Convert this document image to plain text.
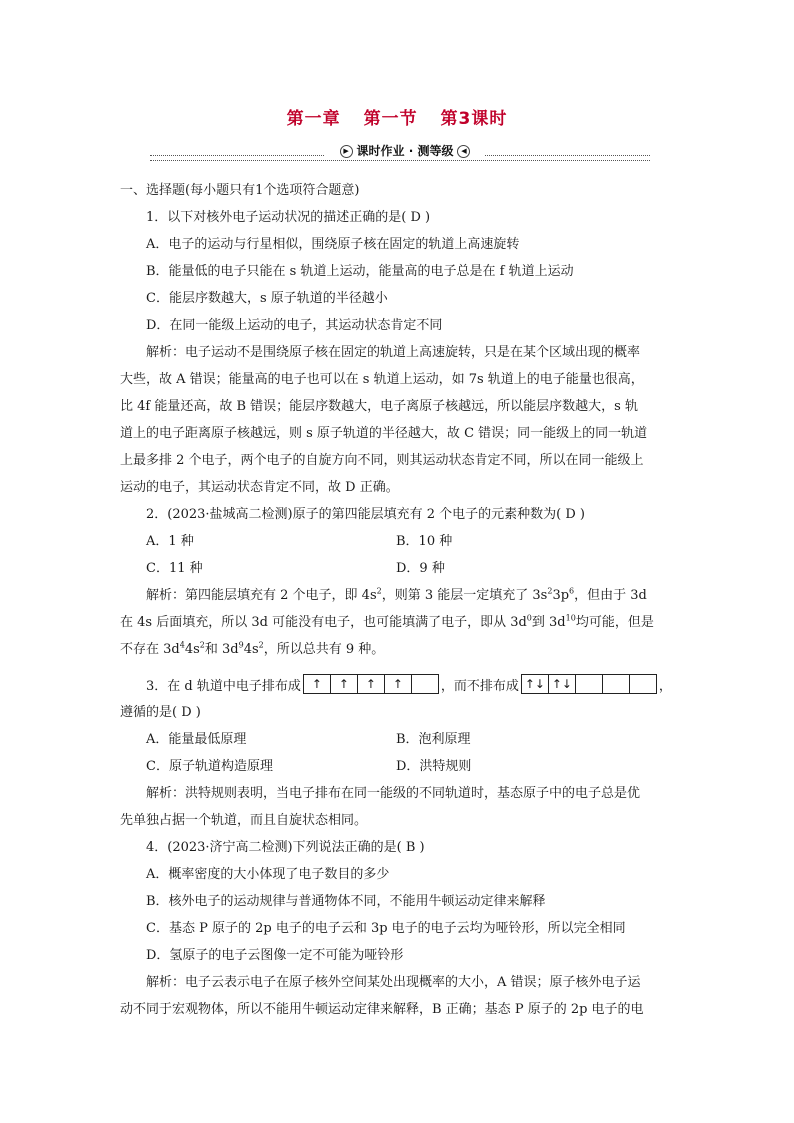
第一章 第一节 第3课时
▶ 课时作业 · 测等级 ◀
一、选择题(每小题只有1个选项符合题意)
1．以下对核外电子运动状况的描述正确的是( D )
A．电子的运动与行星相似，围绕原子核在固定的轨道上高速旋转
B．能量低的电子只能在 s 轨道上运动，能量高的电子总是在 f 轨道上运动
C．能层序数越大，s 原子轨道的半径越小
D．在同一能级上运动的电子，其运动状态肯定不同
解析：电子运动不是围绕原子核在固定的轨道上高速旋转，只是在某个区域出现的概率
大些，故 A 错误；能量高的电子也可以在 s 轨道上运动，如 7s 轨道上的电子能量也很高，
比 4f 能量还高，故 B 错误；能层序数越大，电子离原子核越远，所以能层序数越大，s 轨
道上的电子距离原子核越远，则 s 原子轨道的半径越大，故 C 错误；同一能级上的同一轨道
上最多排 2 个电子，两个电子的自旋方向不同，则其运动状态肯定不同，所以在同一能级上
运动的电子，其运动状态肯定不同，故 D 正确。
2．(2023·盐城高二检测)原子的第四能层填充有 2 个电子的元素种数为( D )
A．1 种	B．10 种
C．11 种	D．9 种
解析：第四能层填充有 2 个电子，即 $4s^2$，则第 3 能层一定填充了 $3s^23p^6$，但由于 3d
在 4s 后面填充，所以 3d 可能没有电子，也可能填满了电子，即从 $3d^0$到 $3d^{10}$均可能，但是
不存在 $3d^44s^2$和 $3d^94s^2$，所以总共有 9 种。
3．在 d 轨道中电子排布成 ↑	↑	↑	↑	，而不排布成 ↑↓ ↑↓	，
遵循的是( D )
A．能量最低原理	B．泡利原理
C．原子轨道构造原理	D．洪特规则
解析：洪特规则表明，当电子排布在同一能级的不同轨道时，基态原子中的电子总是优
先单独占据一个轨道，而且自旋状态相同。
4．(2023·济宁高二检测)下列说法正确的是( B )
A．概率密度的大小体现了电子数目的多少
B．核外电子的运动规律与普通物体不同，不能用牛顿运动定律来解释
C．基态 P 原子的 2p 电子的电子云和 3p 电子的电子云均为哑铃形，所以完全相同
D．氢原子的电子云图像一定不可能为哑铃形
解析：电子云表示电子在原子核外空间某处出现概率的大小，A 错误；原子核外电子运
动不同于宏观物体，所以不能用牛顿运动定律来解释，B 正确；基态 P 原子的 2p 电子的电
